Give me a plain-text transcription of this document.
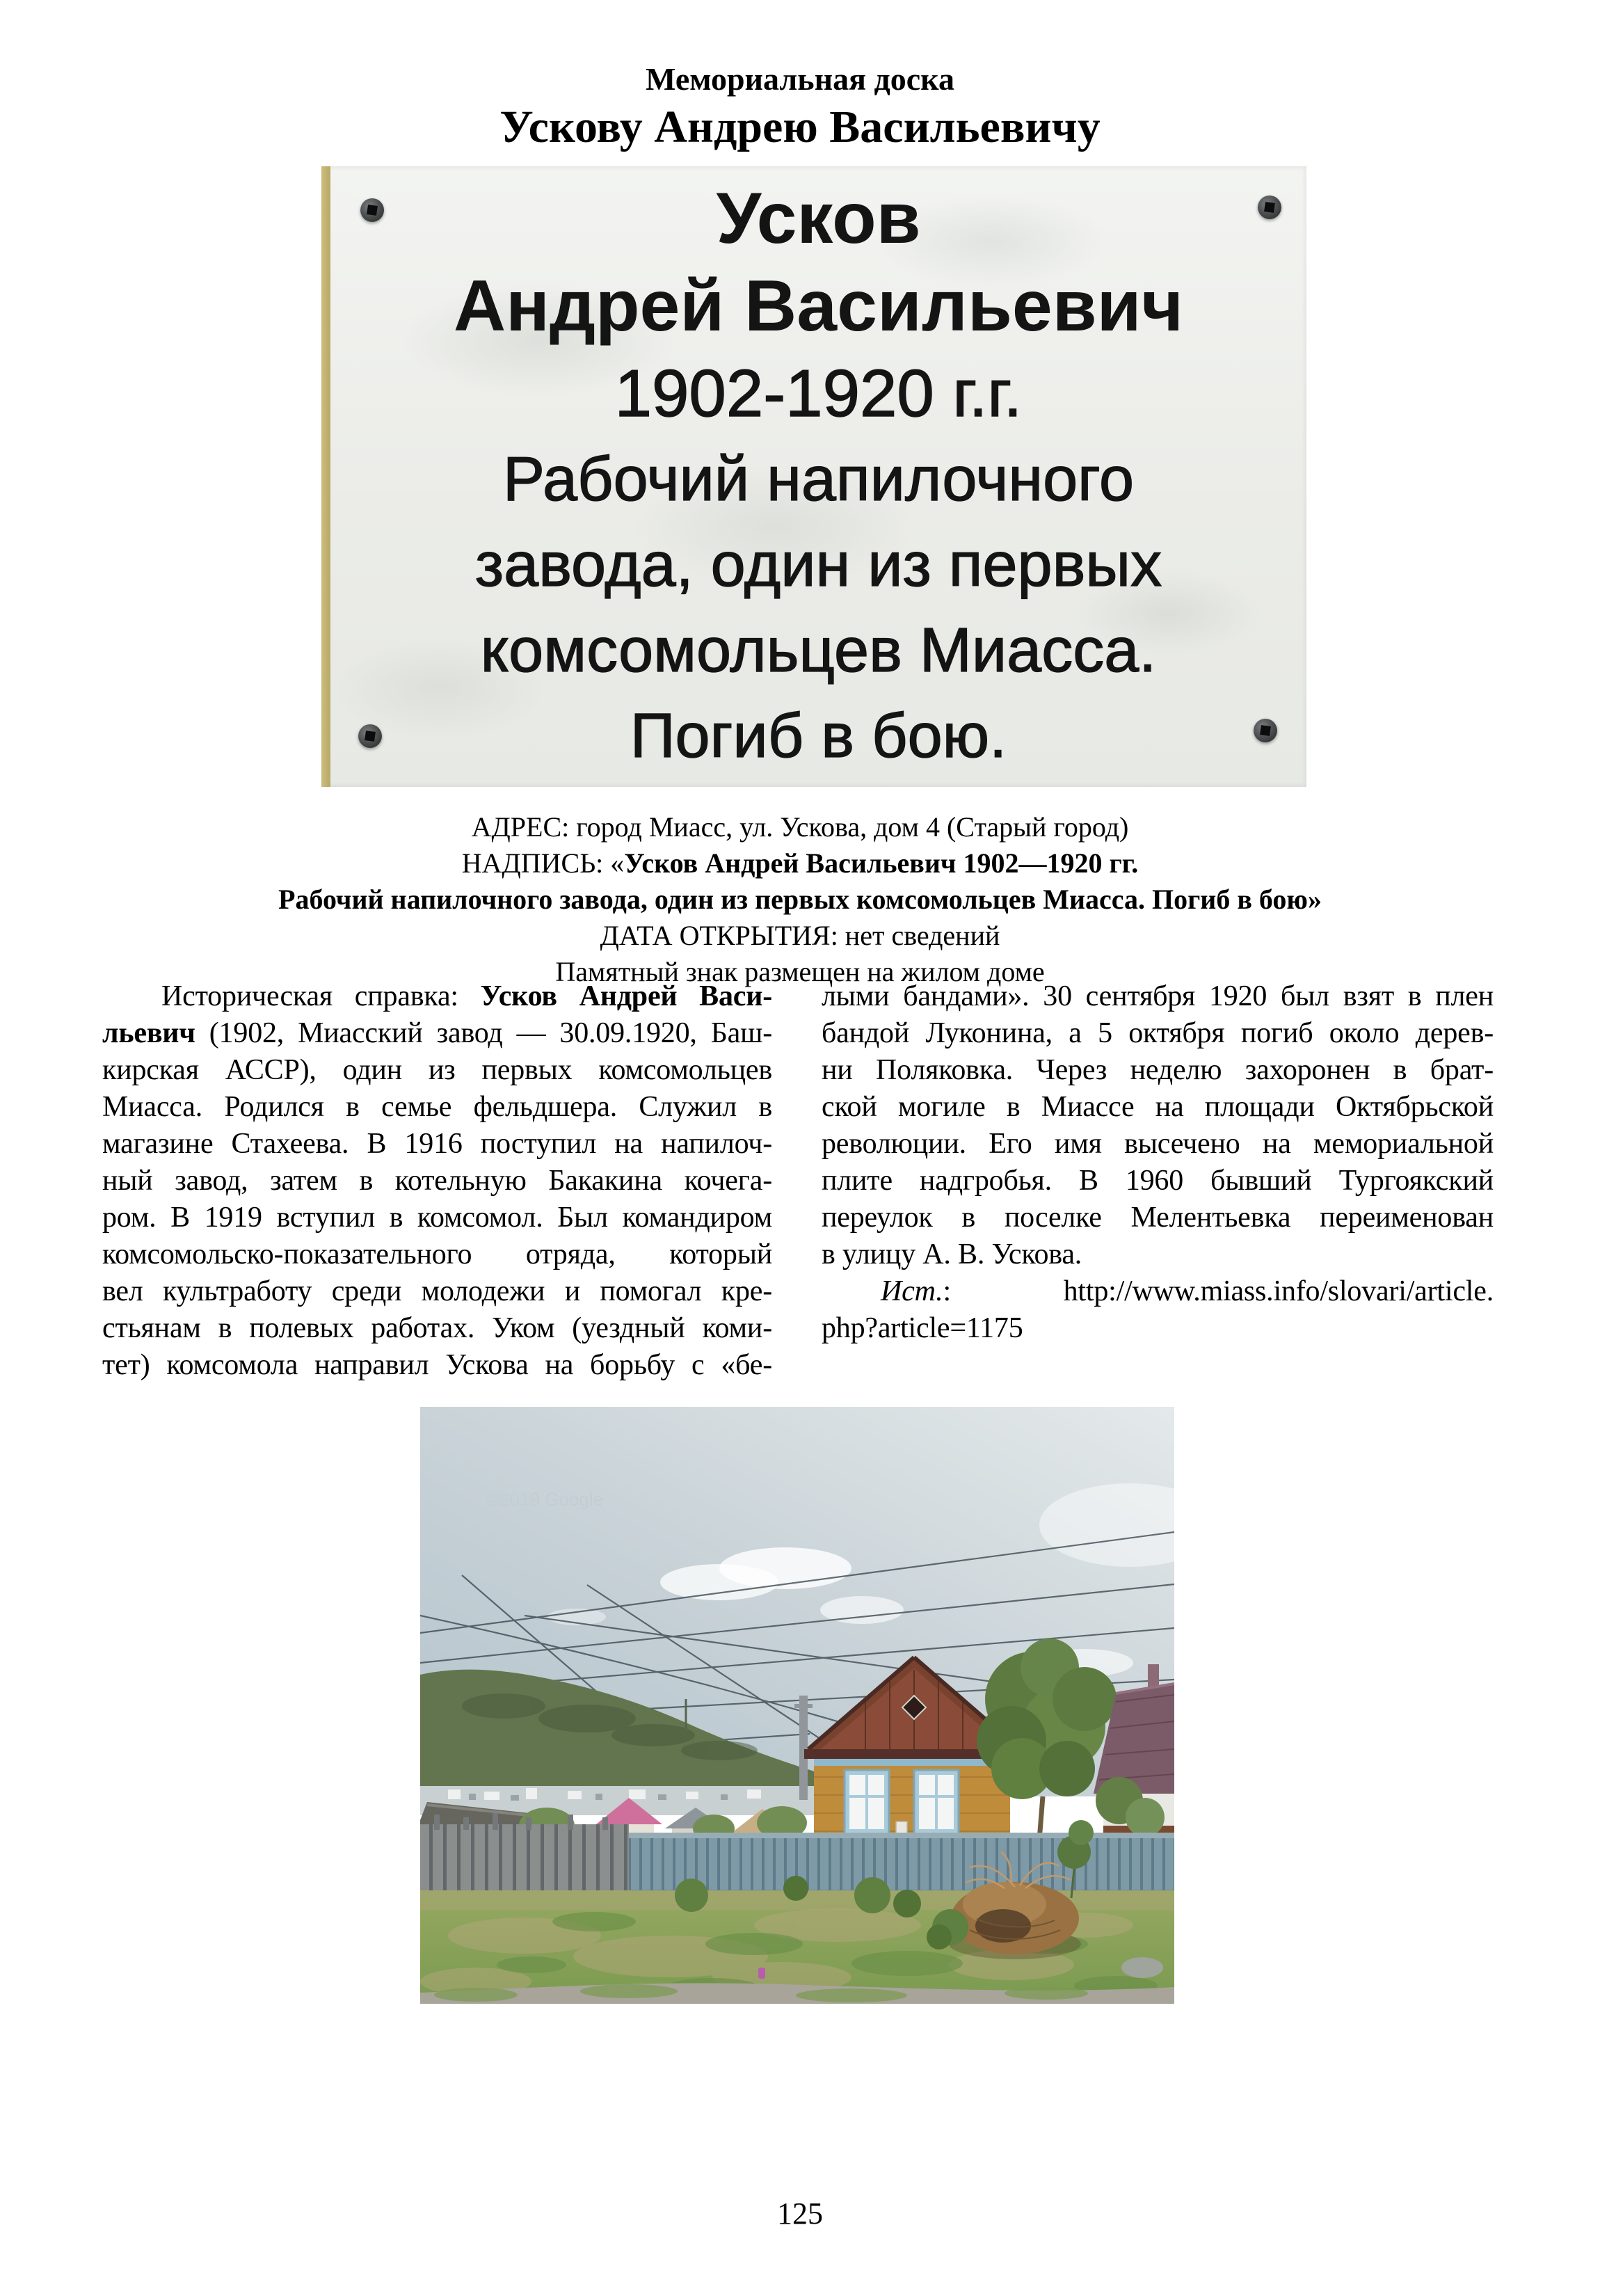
Мемориальная доска
Ускову Андрею Васильевичу
Усков
Андрей Васильевич
1902-1920 г.г.
Рабочий напилочного
завода, один из первых
комсомольцев Миасса.
Погиб в бою.
АДРЕС: город Миасс, ул. Ускова, дом 4 (Старый город)
НАДПИСЬ: «Усков Андрей Васильевич 1902—1920 гг.
Рабочий напилочного завода, один из первых комсомольцев Миасса. Погиб в бою»
ДАТА ОТКРЫТИЯ: нет сведений
Памятный знак размещен на жилом доме
Историческая справка: Усков Андрей Васи-
льевич (1902, Миасский завод — 30.09.1920, Баш-
кирская АССР), один из первых комсомольцев
Миасса. Родился в семье фельдшера. Служил в
магазине Стахеева. В 1916 поступил на напилоч-
ный завод, затем в котельную Бакакина кочега-
ром. В 1919 вступил в комсомол. Был командиром
комсомольско-показательного отряда, который
вел культработу среди молодежи и помогал кре-
стьянам в полевых работах. Уком (уездный коми-
тет) комсомола направил Ускова на борьбу с «бе-
лыми бандами». 30 сентября 1920 был взят в плен
бандой Луконина, а 5 октября погиб около дерев-
ни Поляковка. Через неделю захоронен в брат-
ской могиле в Миассе на площади Октябрьской
революции. Его имя высечено на мемориальной
плите надгробья. В 1960 бывший Тургоякский
переулок в поселке Мелентьевка переименован
в улицу А. В. Ускова.
Ист.: http://www.miass.info/slovari/article.
php?article=1175
©2019 Google
125
